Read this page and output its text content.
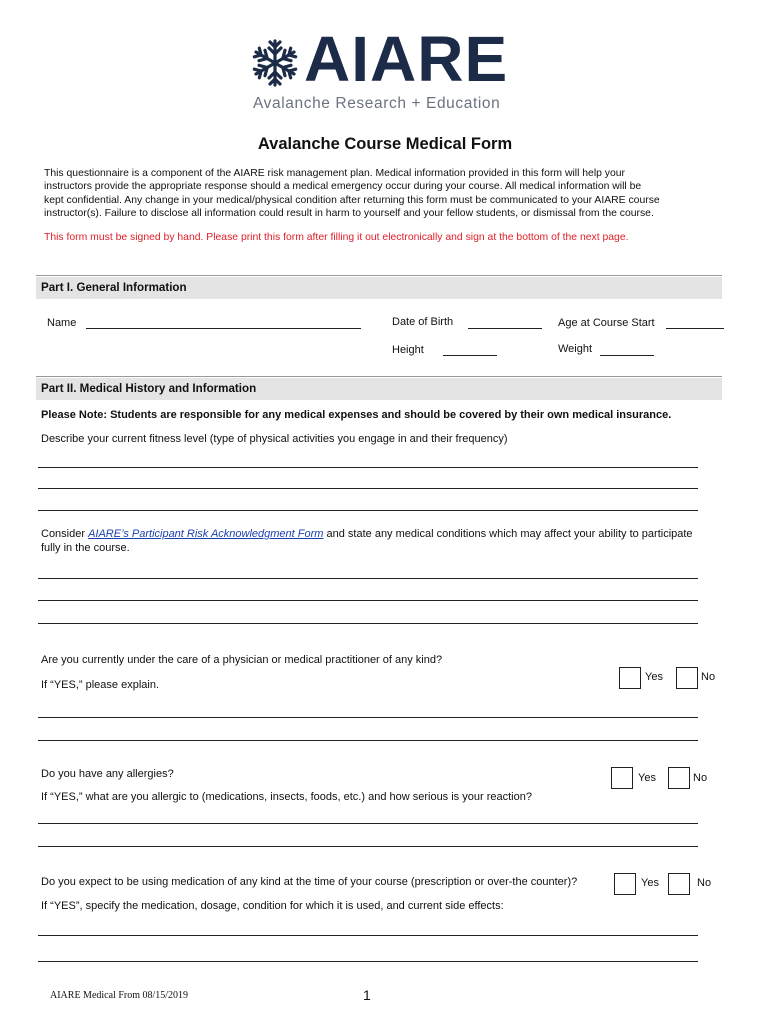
AIARE
Avalanche Research + Education
Avalanche Course Medical Form
This questionnaire is a component of the AIARE risk management plan. Medical information provided in this form will help your
instructors provide the appropriate response should a medical emergency occur during your course. All medical information will be
kept confidential. Any change in your medical/physical condition after returning this form must be communicated to your AIARE course
instructor(s). Failure to disclose all information could result in harm to yourself and your fellow students, or dismissal from the course.
This form must be signed by hand. Please print this form after filling it out electronically and sign at the bottom of the next page.
Part I. General Information
Name	Date of Birth	Age at Course Start
Height	Weight
Part II. Medical History and Information
Please Note: Students are responsible for any medical expenses and should be covered by their own medical insurance.
Describe your current fitness level (type of physical activities you engage in and their frequency)
Consider AIARE’s Participant Risk Acknowledgment Form and state any medical conditions which may affect your ability to participate
fully in the course.
Are you currently under the care of a physician or medical practitioner of any kind?
Yes	No
If “YES,” please explain.
Do you have any allergies?	Yes	No
If “YES,” what are you allergic to (medications, insects, foods, etc.) and how serious is your reaction?
Do you expect to be using medication of any kind at the time of your course (prescription or over-the counter)?	Yes	No
If “YES”, specify the medication, dosage, condition for which it is used, and current side effects:
AIARE Medical From 08/15/2019	1
